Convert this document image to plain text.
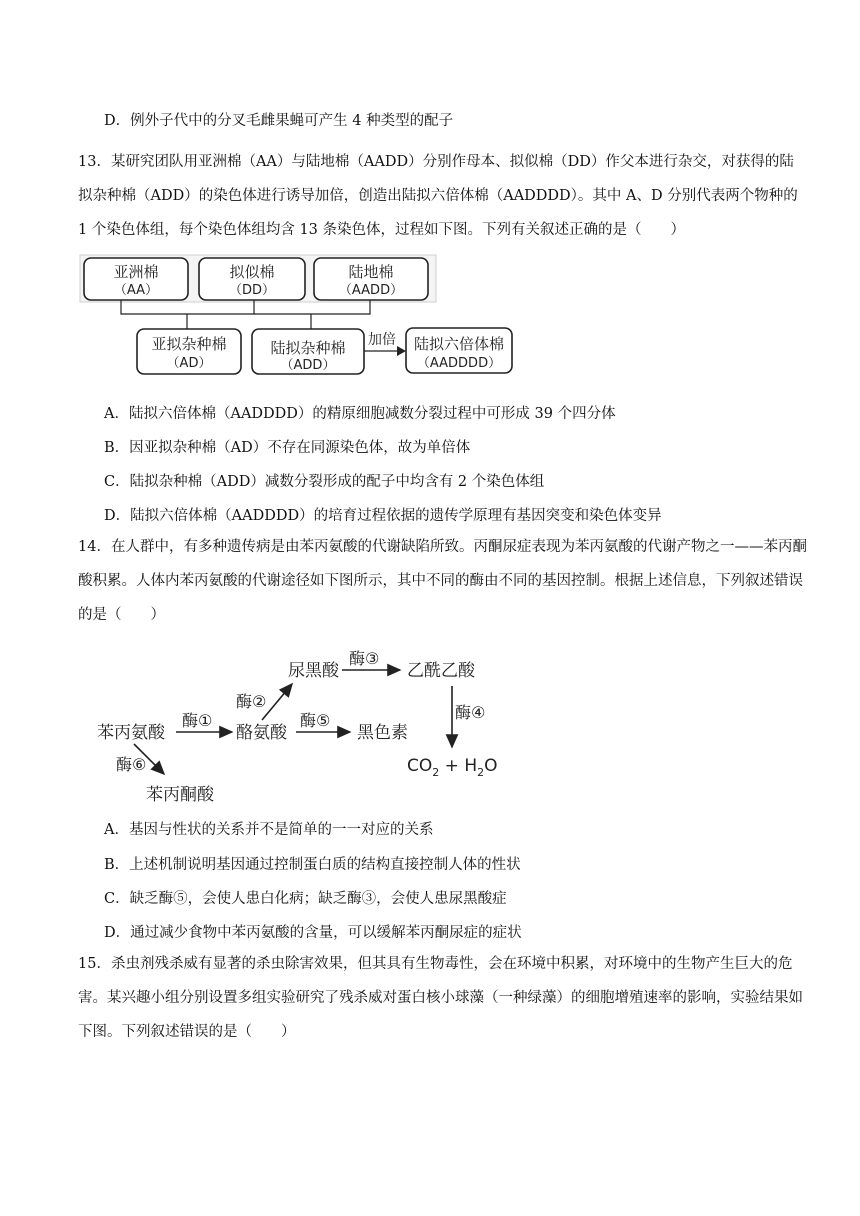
D．例外子代中的分叉毛雌果蝇可产生 4 种类型的配子
13．某研究团队用亚洲棉（AA）与陆地棉（AADD）分别作母本、拟似棉（DD）作父本进行杂交，对获得的陆拟杂种棉（ADD）的染色体进行诱导加倍，创造出陆拟六倍体棉（AADDDD）。其中 A、D 分别代表两个物种的 1 个染色体组，每个染色体组均含 13 条染色体，过程如下图。下列有关叙述正确的是（　　）
亚洲棉
（AA）
拟似棉
（DD）
陆地棉
（AADD）
亚拟杂种棉
（AD）
陆拟杂种棉
（ADD）
加倍 陆拟六倍体棉
（AADDDD）
A．陆拟六倍体棉（AADDDD）的精原细胞减数分裂过程中可形成 39 个四分体
B．因亚拟杂种棉（AD）不存在同源染色体，故为单倍体
C．陆拟杂种棉（ADD）减数分裂形成的配子中均含有 2 个染色体组
D．陆拟六倍体棉（AADDDD）的培育过程依据的遗传学原理有基因突变和染色体变异
14．在人群中，有多种遗传病是由苯丙氨酸的代谢缺陷所致。丙酮尿症表现为苯丙氨酸的代谢产物之一——苯丙酮酸积累。人体内苯丙氨酸的代谢途径如下图所示，其中不同的酶由不同的基因控制。根据上述信息，下列叙述错误的是（　　）
苯丙氨酸	酪氨酸
尿黑酸	乙酰乙酸
黑色素
苯丙酮酸
$CO_2 + H_2O$
酶①
酶②
酶③
酶④
酶⑤
酶⑥
A．基因与性状的关系并不是简单的一一对应的关系
B．上述机制说明基因通过控制蛋白质的结构直接控制人体的性状
C．缺乏酶⑤，会使人患白化病；缺乏酶③，会使人患尿黑酸症
D．通过减少食物中苯丙氨酸的含量，可以缓解苯丙酮尿症的症状
15．杀虫剂残杀威有显著的杀虫除害效果，但其具有生物毒性，会在环境中积累，对环境中的生物产生巨大的危害。某兴趣小组分别设置多组实验研究了残杀威对蛋白核小球藻（一种绿藻）的细胞增殖速率的影响，实验结果如下图。下列叙述错误的是（　　）
